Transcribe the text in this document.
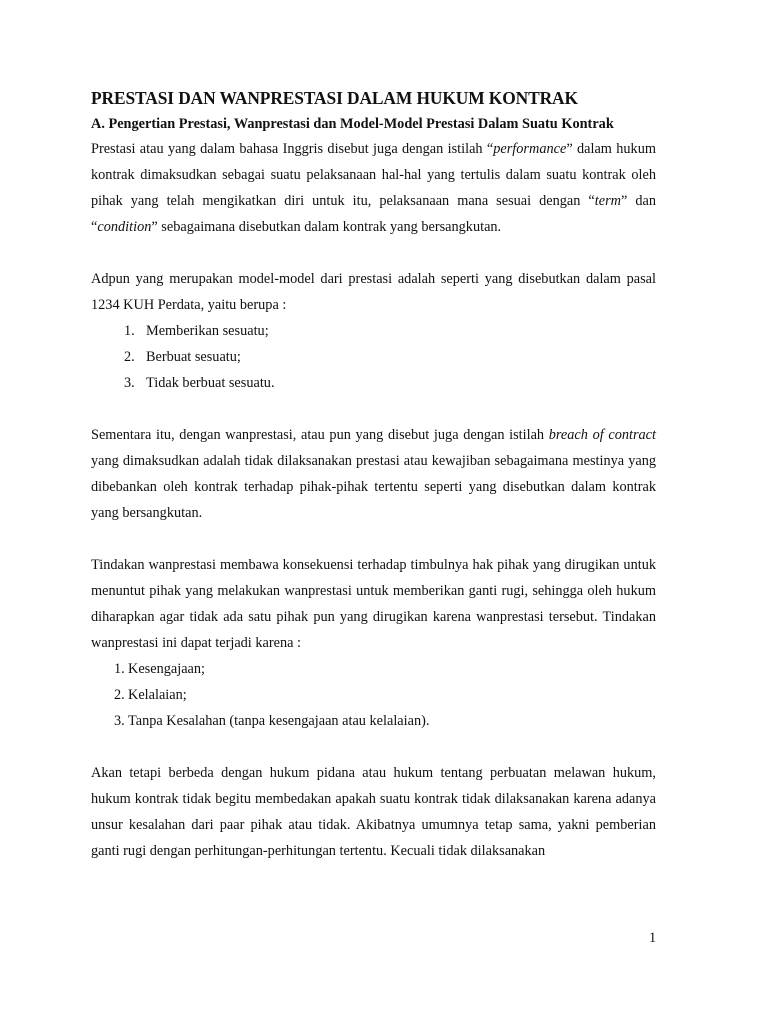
PRESTASI DAN WANPRESTASI DALAM HUKUM KONTRAK
A. Pengertian Prestasi, Wanprestasi dan Model-Model Prestasi Dalam Suatu Kontrak

Prestasi atau yang dalam bahasa Inggris disebut juga dengan istilah “performance” dalam hukum kontrak dimaksudkan sebagai suatu pelaksanaan hal-hal yang tertulis dalam suatu kontrak oleh pihak yang telah mengikatkan diri untuk itu, pelaksanaan mana sesuai dengan “term” dan “condition” sebagaimana disebutkan dalam kontrak yang bersangkutan.

Adpun yang merupakan model-model dari prestasi adalah seperti yang disebutkan dalam pasal 1234 KUH Perdata, yaitu berupa :

1. Memberikan sesuatu;
2. Berbuat sesuatu;
3. Tidak berbuat sesuatu.

Sementara itu, dengan wanprestasi, atau pun yang disebut juga dengan istilah breach of contract yang dimaksudkan adalah tidak dilaksanakan prestasi atau kewajiban sebagaimana mestinya yang dibebankan oleh kontrak terhadap pihak-pihak tertentu seperti yang disebutkan dalam kontrak yang bersangkutan.

Tindakan wanprestasi membawa konsekuensi terhadap timbulnya hak pihak yang dirugikan untuk menuntut pihak yang melakukan wanprestasi untuk memberikan ganti rugi, sehingga oleh hukum diharapkan agar tidak ada satu pihak pun yang dirugikan karena wanprestasi tersebut. Tindakan wanprestasi ini dapat terjadi karena :

1. Kesengajaan;
2. Kelalaian;
3. Tanpa Kesalahan (tanpa kesengajaan atau kelalaian).

Akan tetapi berbeda dengan hukum pidana atau hukum tentang perbuatan melawan hukum, hukum kontrak tidak begitu membedakan apakah suatu kontrak tidak dilaksanakan karena adanya unsur kesalahan dari paar pihak atau tidak. Akibatnya umumnya tetap sama, yakni pemberian ganti rugi dengan perhitungan-perhitungan tertentu. Kecuali tidak dilaksanakan

1
